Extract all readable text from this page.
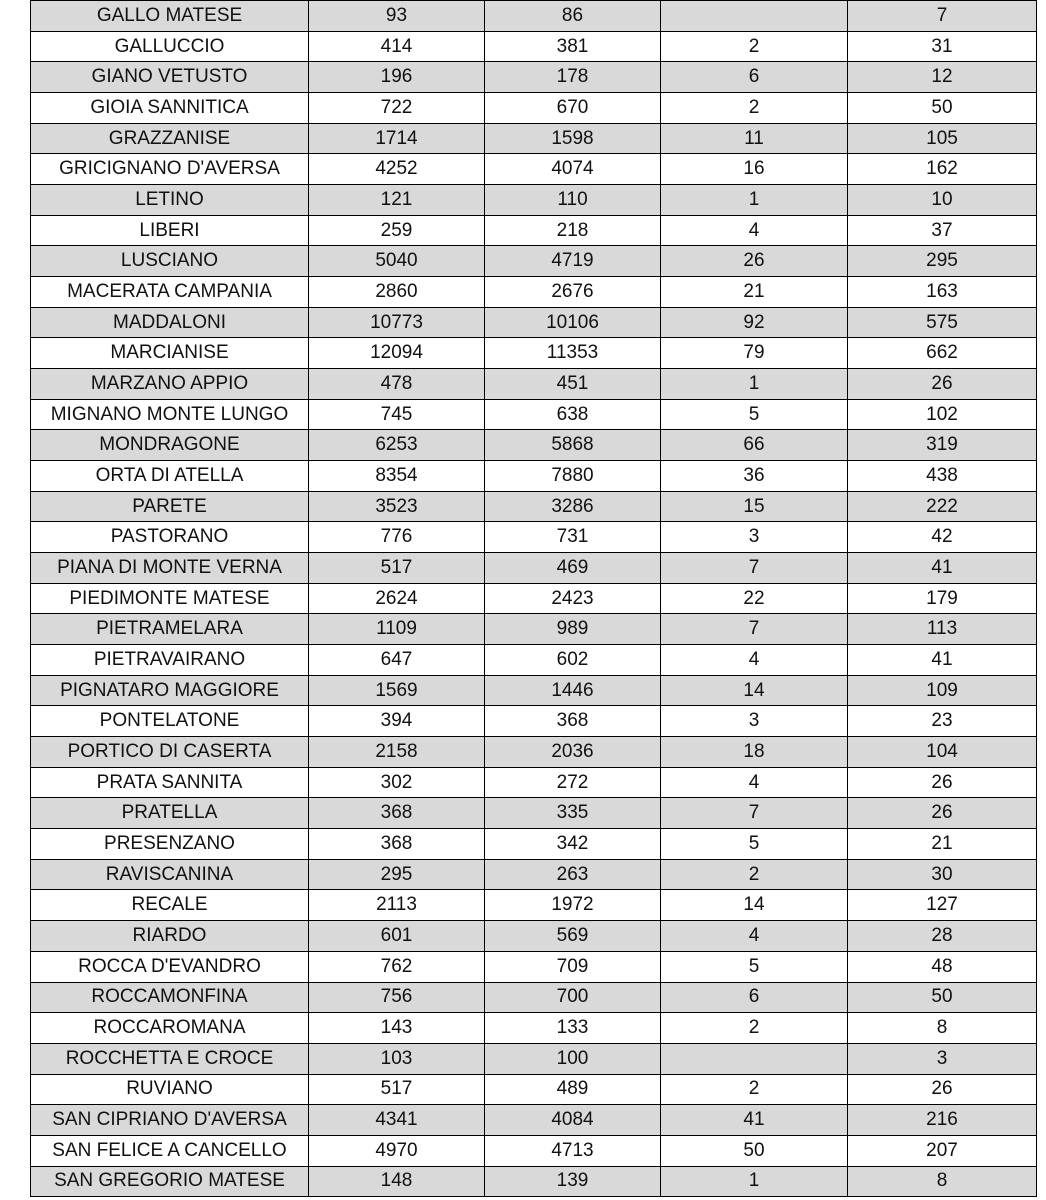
GALLO MATESE	93	86		7
GALLUCCIO	414	381	2	31
GIANO VETUSTO	196	178	6	12
GIOIA SANNITICA	722	670	2	50
GRAZZANISE	1714	1598	11	105
GRICIGNANO D'AVERSA	4252	4074	16	162
LETINO	121	110	1	10
LIBERI	259	218	4	37
LUSCIANO	5040	4719	26	295
MACERATA CAMPANIA	2860	2676	21	163
MADDALONI	10773	10106	92	575
MARCIANISE	12094	11353	79	662
MARZANO APPIO	478	451	1	26
MIGNANO MONTE LUNGO	745	638	5	102
MONDRAGONE	6253	5868	66	319
ORTA DI ATELLA	8354	7880	36	438
PARETE	3523	3286	15	222
PASTORANO	776	731	3	42
PIANA DI MONTE VERNA	517	469	7	41
PIEDIMONTE MATESE	2624	2423	22	179
PIETRAMELARA	1109	989	7	113
PIETRAVAIRANO	647	602	4	41
PIGNATARO MAGGIORE	1569	1446	14	109
PONTELATONE	394	368	3	23
PORTICO DI CASERTA	2158	2036	18	104
PRATA SANNITA	302	272	4	26
PRATELLA	368	335	7	26
PRESENZANO	368	342	5	21
RAVISCANINA	295	263	2	30
RECALE	2113	1972	14	127
RIARDO	601	569	4	28
ROCCA D'EVANDRO	762	709	5	48
ROCCAMONFINA	756	700	6	50
ROCCAROMANA	143	133	2	8
ROCCHETTA E CROCE	103	100		3
RUVIANO	517	489	2	26
SAN CIPRIANO D'AVERSA	4341	4084	41	216
SAN FELICE A CANCELLO	4970	4713	50	207
SAN GREGORIO MATESE	148	139	1	8
